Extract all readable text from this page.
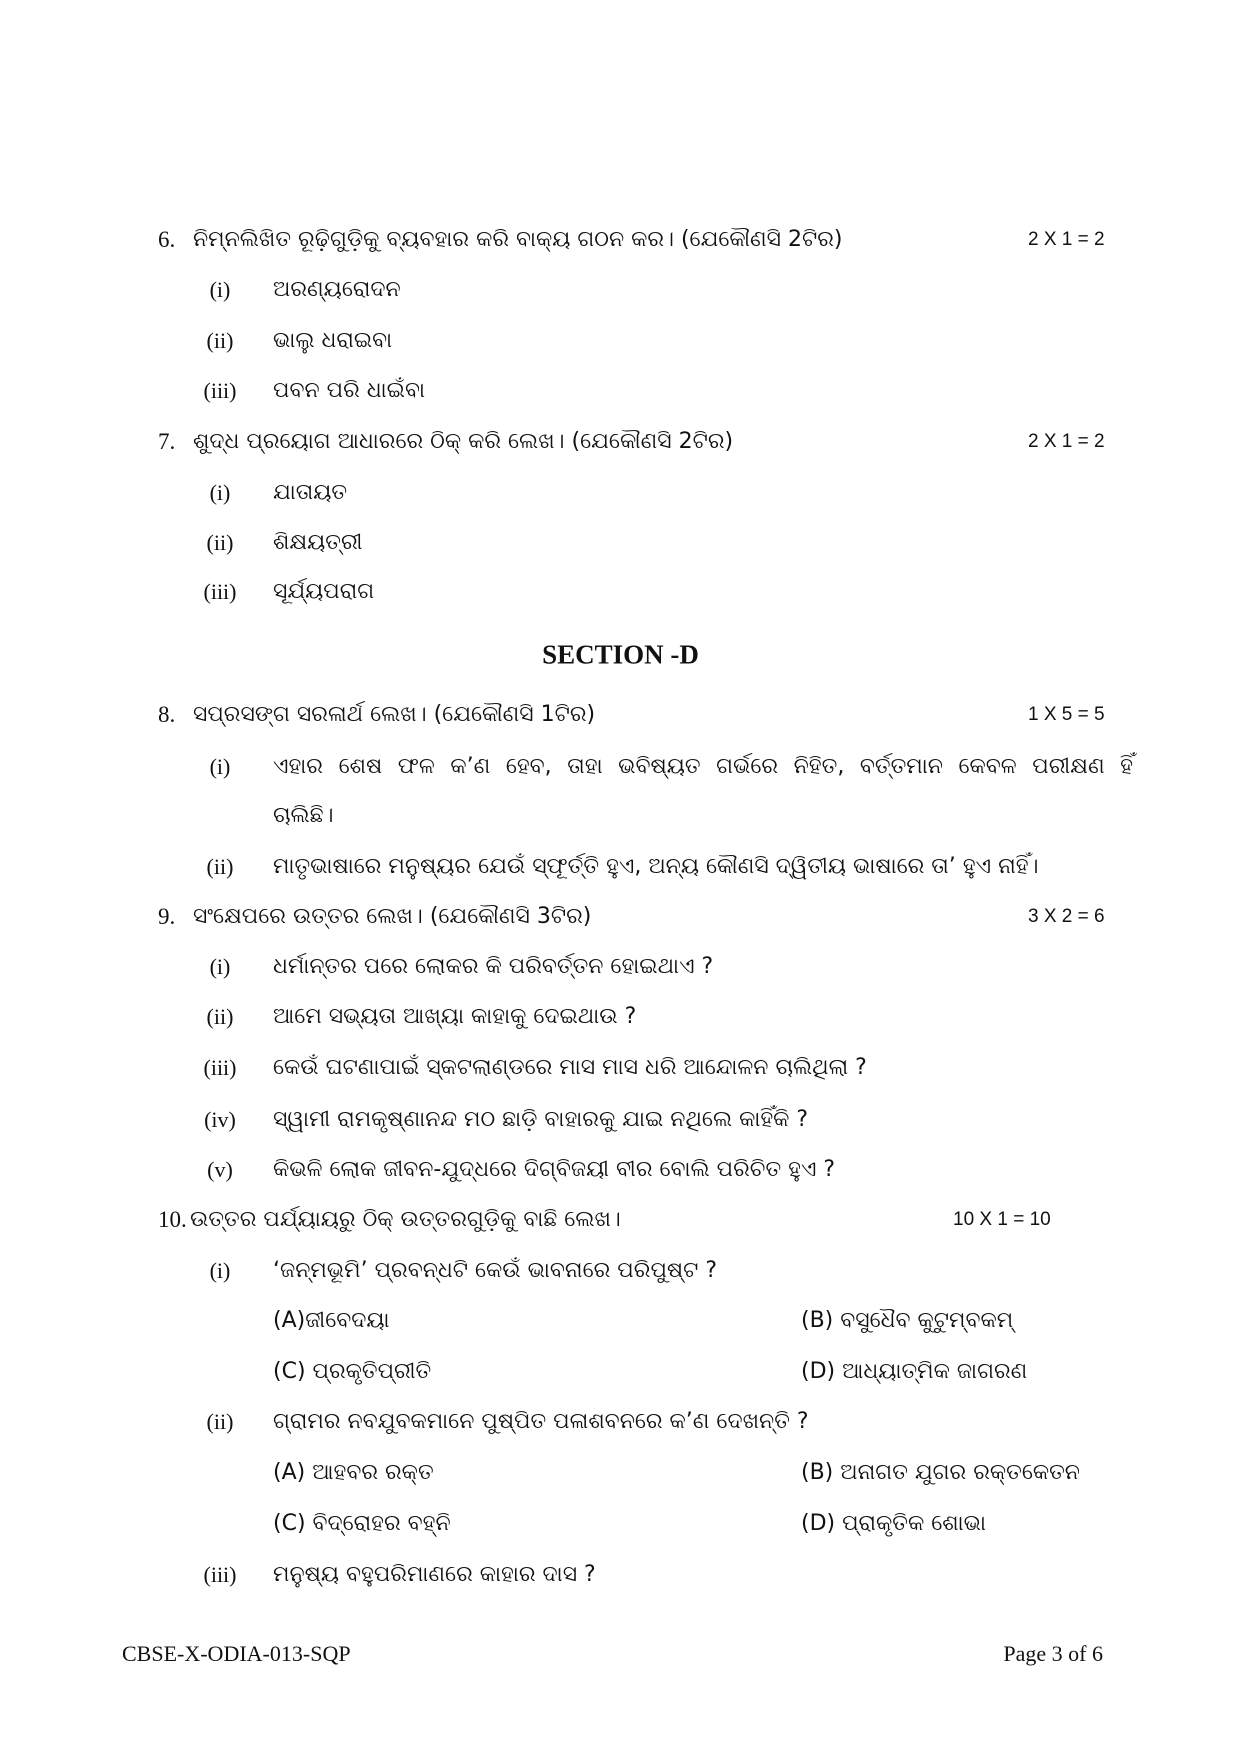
6. ନିମ୍ନଲିଖିତ ରୂଢ଼ିଗୁଡ଼ିକୁ ବ୍ୟବହାର କରି ବାକ୍ୟ ଗଠନ କର। (ଯେକୌଣସି 2ଟିର)	2 X 1 = 2
(i)	ଅରଣ୍ୟରୋଦନ
(ii)	ଭାଲୁ ଧରାଇବା
(iii)	ପବନ ପରି ଧାଇଁବା
7. ଶୁଦ୍ଧ ପ୍ରୟୋଗ ଆଧାରରେ ଠିକ୍ କରି ଲେଖ। (ଯେକୌଣସି 2ଟିର)	2 X 1 = 2
(i)	ଯାତାୟତ
(ii)	ଶିକ୍ଷୟତ୍ରୀ
(iii)	ସୂର୍ଯ୍ୟପରାଗ
SECTION -D
8. ସପ୍ରସଙ୍ଗ ସରଳାର୍ଥ ଲେଖ। (ଯେକୌଣସି 1ଟିର)	1 X 5 = 5
(i)	ଏହାର ଶେଷ ଫଳ କ’ଣ ହେବ, ତାହା ଭବିଷ୍ୟତ ଗର୍ଭରେ ନିହିତ, ବର୍ତ୍ତମାନ କେବଳ ପରୀକ୍ଷଣ ହିଁ
ଚାଲିଛି।
(ii)	ମାତୃଭାଷାରେ ମନୁଷ୍ୟର ଯେଉଁ ସ୍ଫୂର୍ତ୍ତି ହୁଏ, ଅନ୍ୟ କୌଣସି ଦ୍ୱିତୀୟ ଭାଷାରେ ତା’ ହୁଏ ନାହିଁ।
9. ସଂକ୍ଷେପରେ ଉତ୍ତର ଲେଖ। (ଯେକୌଣସି 3ଟିର)	3 X 2 = 6
(i)	ଧର୍ମାନ୍ତର ପରେ ଲୋକର କି ପରିବର୍ତ୍ତନ ହୋଇଥାଏ ?
(ii)	ଆମେ ସଭ୍ୟତା ଆଖ୍ୟା କାହାକୁ ଦେଇଥାଉ ?
(iii)	କେଉଁ ଘଟଣାପାଇଁ ସ୍କଟଲାଣ୍ଡରେ ମାସ ମାସ ଧରି ଆନ୍ଦୋଳନ ଚାଲିଥିଲା ?
(iv)	ସ୍ୱାମୀ ରାମକୃଷ୍ଣାନନ୍ଦ ମଠ ଛାଡ଼ି ବାହାରକୁ ଯାଇ ନଥିଲେ କାହିଁକି ?
(v)	କିଭଳି ଲୋକ ଜୀବନ-ଯୁଦ୍ଧରେ ଦିଗ୍‌ବିଜୟୀ ବୀର ବୋଲି ପରିଚିତ ହୁଏ ?
10. ଉତ୍ତର ପର୍ଯ୍ୟାୟରୁ ଠିକ୍ ଉତ୍ତରଗୁଡ଼ିକୁ ବାଛି ଲେଖ।	10 X 1 = 10
(i)	‘ଜନ୍ମଭୂମି’ ପ୍ରବନ୍ଧଟି କେଉଁ ଭାବନାରେ ପରିପୁଷ୍ଟ ?
(A)ଜୀବେଦୟା	(B) ବସୁଧୈବ କୁଟୁମ୍ବକମ୍
(C) ପ୍ରକୃତିପ୍ରୀତି	(D) ଆଧ୍ୟାତ୍ମିକ ଜାଗରଣ
(ii)	ଗ୍ରାମର ନବଯୁବକମାନେ ପୁଷ୍ପିତ ପଳାଶବନରେ କ’ଣ ଦେଖନ୍ତି ?
(A) ଆହବର ରକ୍ତ	(B) ଅନାଗତ ଯୁଗର ରକ୍ତକେତନ
(C) ବିଦ୍ରୋହର ବହ୍ନି	(D) ପ୍ରାକୃତିକ ଶୋଭା
(iii)	ମନୁଷ୍ୟ ବହୁପରିମାଣରେ କାହାର ଦାସ ?
CBSE-X-ODIA-013-SQP	Page 3 of 6
